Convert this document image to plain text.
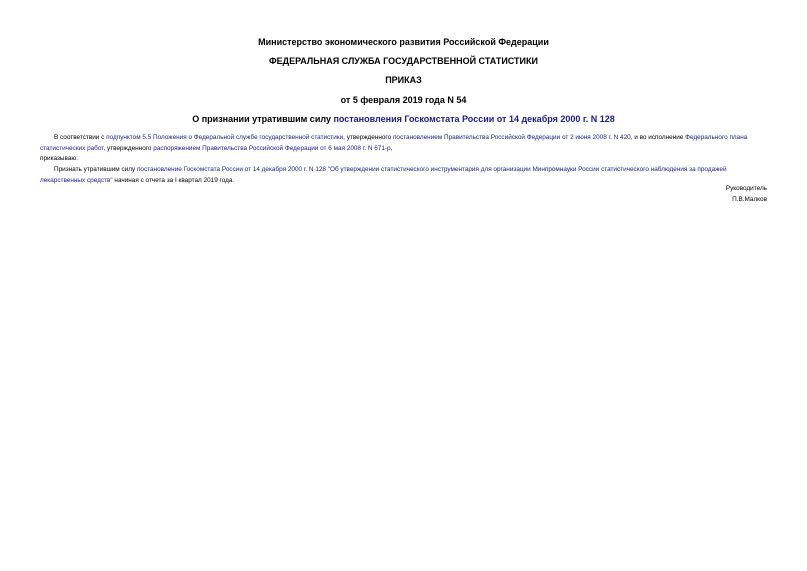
Министерство экономического развития Российской Федерации
ФЕДЕРАЛЬНАЯ СЛУЖБА ГОСУДАРСТВЕННОЙ СТАТИСТИКИ
ПРИКАЗ
от 5 февраля 2019 года N 54
О признании утратившим силу постановления Госкомстата России от 14 декабря 2000 г. N 128
В соответствии с подпунктом 5.5 Положения о Федеральной службе государственной статистики, утвержденного постановлением Правительства Российской Федерации от 2 июня 2008 г. N 420, и во исполнение Федерального плана статистических работ, утвержденного распоряжением Правительства Российской Федерации от 6 мая 2008 г. N 671-р,
приказываю:
Признать утратившим силу постановление Госкомстата России от 14 декабря 2000 г. N 128 "Об утверждении статистического инструментария для организации Минпромнауки России статистического наблюдения за продажей лекарственных средств" начиная с отчета за I квартал 2019 года.
Руководитель
П.В.Малков
